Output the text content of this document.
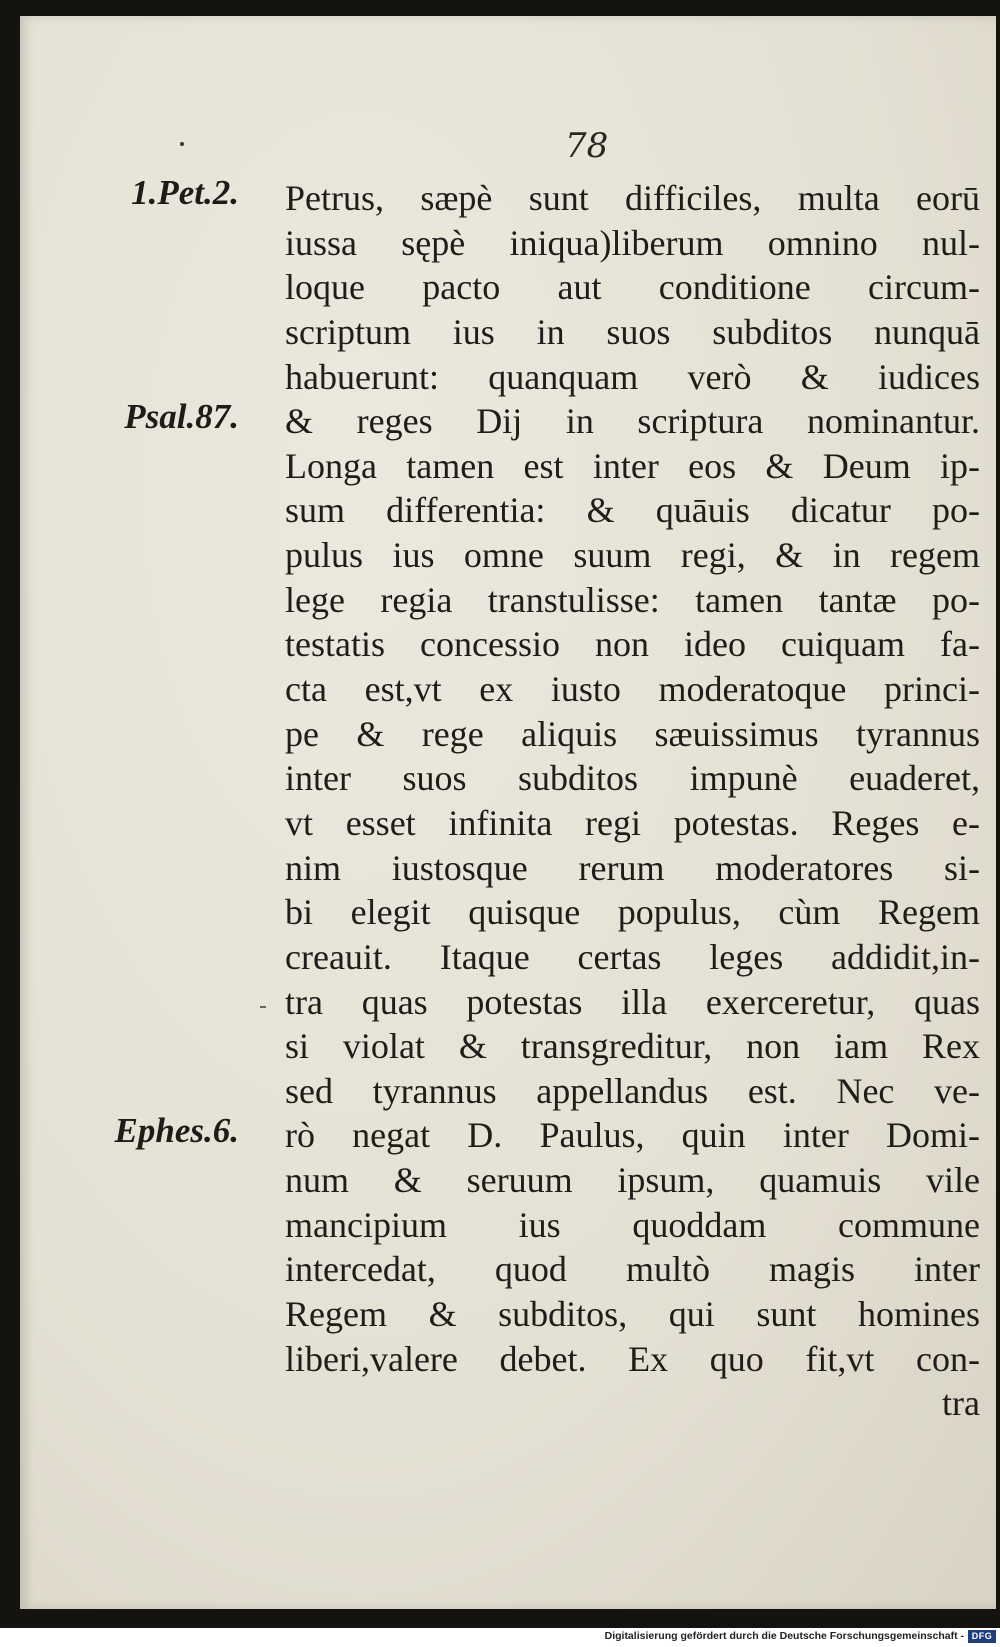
78
1.Pet.2.
Psal.87.
Ephes.6.
Petrus, sæpè sunt difficiles, multa eorū
iussa sępè iniqua)liberum omnino nul-
loque pacto aut conditione circum-
scriptum ius in suos subditos nunquā
habuerunt: quanquam verò & iudices
& reges Dij in scriptura nominantur.
Longa tamen est inter eos & Deum ip-
sum differentia: & quāuis dicatur po-
pulus ius omne suum regi, & in regem
lege regia transtulisse: tamen tantæ po-
testatis concessio non ideo cuiquam fa-
cta est,vt ex iusto moderatoque princi-
pe & rege aliquis sæuissimus tyrannus
inter suos subditos impunè euaderet,
vt esset infinita regi potestas. Reges e-
nim iustosque rerum moderatores si-
bi elegit quisque populus, cùm Regem
creauit. Itaque certas leges addidit,in-
tra quas potestas illa exerceretur, quas
si violat & transgreditur, non iam Rex
sed tyrannus appellandus est. Nec ve-
rò negat D. Paulus, quin inter Domi-
num & seruum ipsum, quamuis vile
mancipium ius quoddam commune
intercedat, quod multò magis inter
Regem & subditos, qui sunt homines
liberi,valere debet. Ex quo fit,vt con-
tra
Digitalisierung gefördert durch die Deutsche Forschungsgemeinschaft - DFG
